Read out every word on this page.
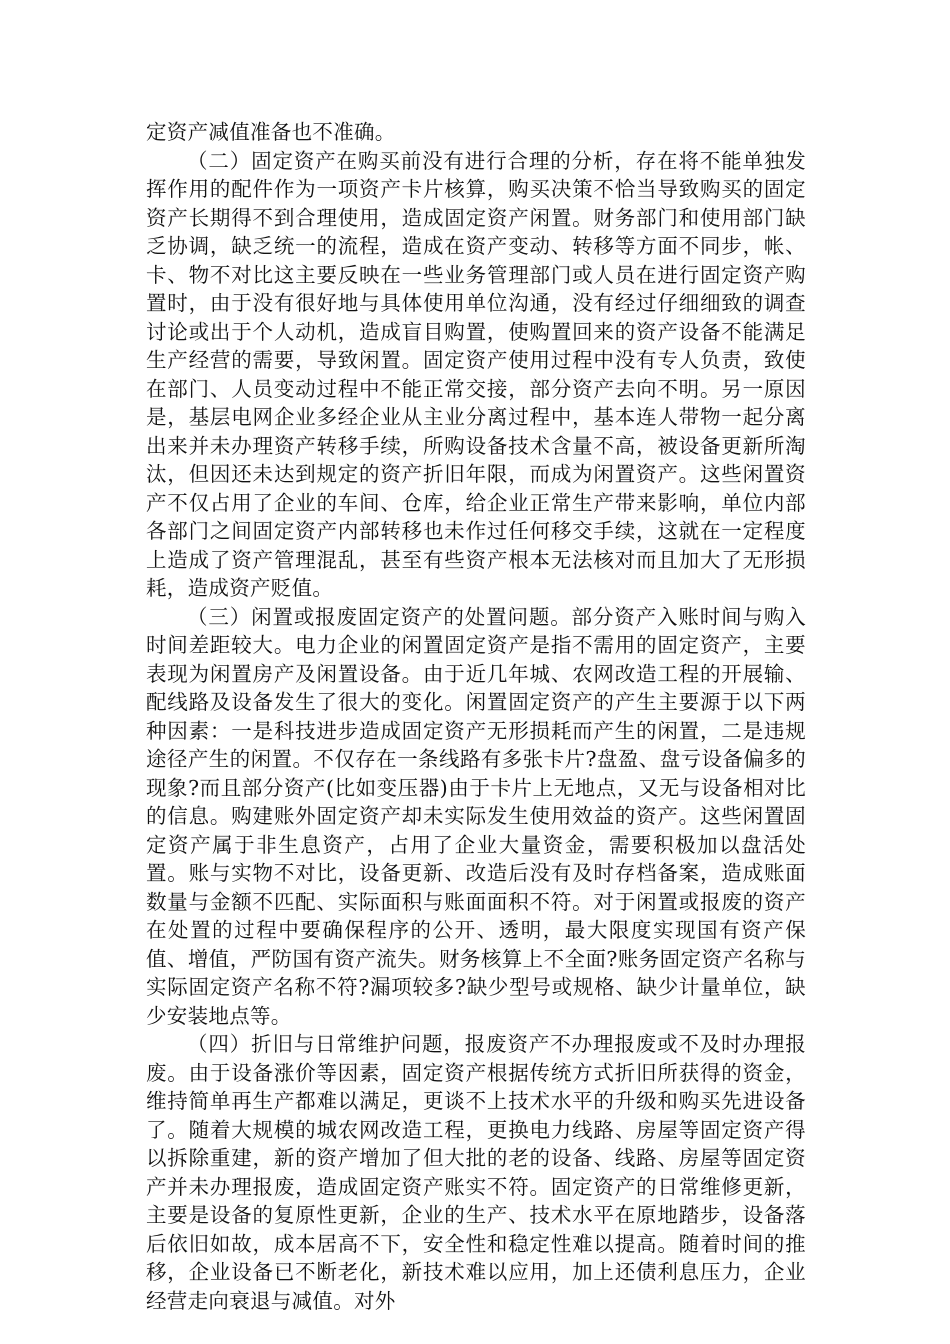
定资产减值准备也不准确。

（二）固定资产在购买前没有进行合理的分析，存在将不能单独发挥作用的配件作为一项资产卡片核算，购买决策不恰当导致购买的固定资产长期得不到合理使用，造成固定资产闲置。财务部门和使用部门缺乏协调，缺乏统一的流程，造成在资产变动、转移等方面不同步，帐、卡、物不对比这主要反映在一些业务管理部门或人员在进行固定资产购置时，由于没有很好地与具体使用单位沟通，没有经过仔细细致的调查讨论或出于个人动机，造成盲目购置，使购置回来的资产设备不能满足生产经营的需要，导致闲置。固定资产使用过程中没有专人负责，致使在部门、人员变动过程中不能正常交接，部分资产去向不明。另一原因是，基层电网企业多经企业从主业分离过程中，基本连人带物一起分离出来并未办理资产转移手续，所购设备技术含量不高，被设备更新所淘汰，但因还未达到规定的资产折旧年限，而成为闲置资产。这些闲置资产不仅占用了企业的车间、仓库，给企业正常生产带来影响，单位内部各部门之间固定资产内部转移也未作过任何移交手续，这就在一定程度上造成了资产管理混乱，甚至有些资产根本无法核对而且加大了无形损耗，造成资产贬值。

（三）闲置或报废固定资产的处置问题。部分资产入账时间与购入时间差距较大。电力企业的闲置固定资产是指不需用的固定资产，主要表现为闲置房产及闲置设备。由于近几年城、农网改造工程的开展输、配线路及设备发生了很大的变化。闲置固定资产的产生主要源于以下两种因素：一是科技进步造成固定资产无形损耗而产生的闲置，二是违规途径产生的闲置。不仅存在一条线路有多张卡片?盘盈、盘亏设备偏多的现象?而且部分资产(比如变压器)由于卡片上无地点，又无与设备相对比的信息。购建账外固定资产却未实际发生使用效益的资产。这些闲置固定资产属于非生息资产，占用了企业大量资金，需要积极加以盘活处置。账与实物不对比，设备更新、改造后没有及时存档备案，造成账面数量与金额不匹配、实际面积与账面面积不符。对于闲置或报废的资产在处置的过程中要确保程序的公开、透明，最大限度实现国有资产保值、增值，严防国有资产流失。财务核算上不全面?账务固定资产名称与实际固定资产名称不符?漏项较多?缺少型号或规格、缺少计量单位，缺少安装地点等。

（四）折旧与日常维护问题，报废资产不办理报废或不及时办理报废。由于设备涨价等因素，固定资产根据传统方式折旧所获得的资金，维持简单再生产都难以满足，更谈不上技术水平的升级和购买先进设备了。随着大规模的城农网改造工程，更换电力线路、房屋等固定资产得以拆除重建，新的资产增加了但大批的老的设备、线路、房屋等固定资产并未办理报废，造成固定资产账实不符。固定资产的日常维修更新，主要是设备的复原性更新，企业的生产、技术水平在原地踏步，设备落后依旧如故，成本居高不下，安全性和稳定性难以提高。随着时间的推移，企业设备已不断老化，新技术难以应用，加上还债利息压力，企业经营走向衰退与减值。对外
